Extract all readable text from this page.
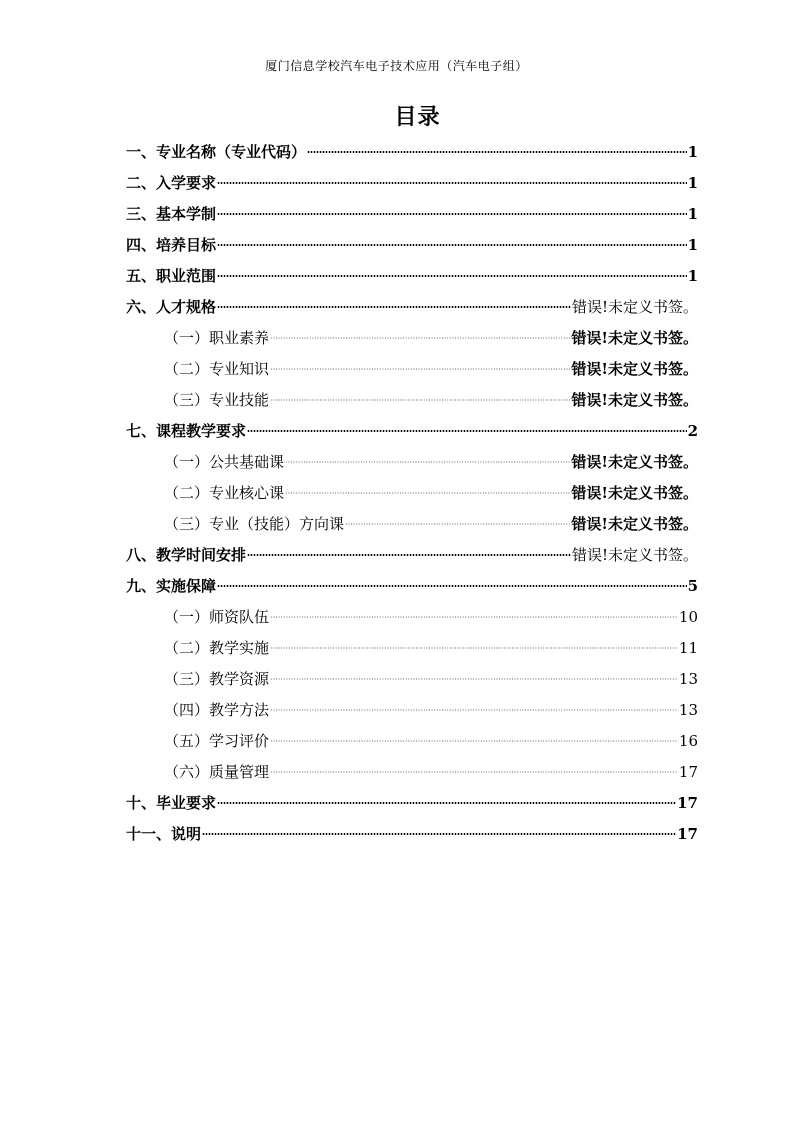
厦门信息学校汽车电子技术应用（汽车电子组）
目录
一、专业名称（专业代码）	1
二、入学要求	1
三、基本学制	1
四、培养目标	1
五、职业范围	1
六、人才规格	错误!未定义书签。
（一）职业素养	错误!未定义书签。
（二）专业知识	错误!未定义书签。
（三）专业技能	错误!未定义书签。
七、课程教学要求	2
（一）公共基础课	错误!未定义书签。
（二）专业核心课	错误!未定义书签。
（三）专业（技能）方向课	错误!未定义书签。
八、教学时间安排	错误!未定义书签。
九、实施保障	5
（一）师资队伍	10
（二）教学实施	11
（三）教学资源	13
（四）教学方法	13
（五）学习评价	16
（六）质量管理	17
十、毕业要求	17
十一、说明	17
